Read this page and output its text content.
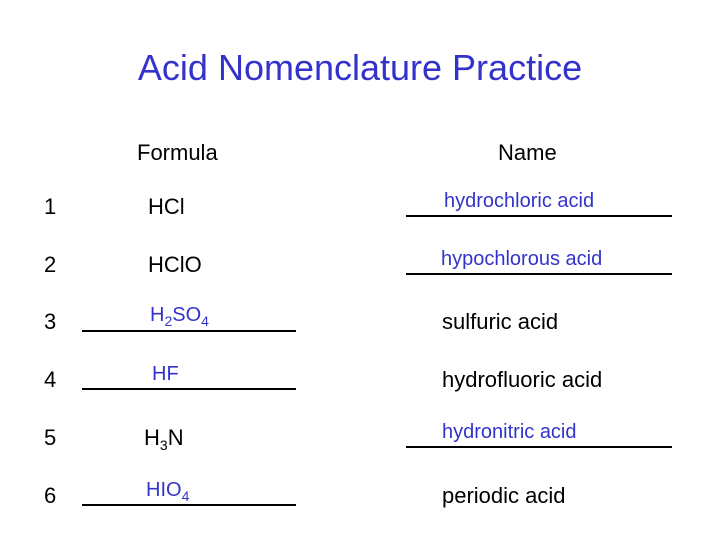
Acid Nomenclature Practice
Formula	Name
1	HCl	hydrochloric acid
2	HClO	hypochlorous acid
3	$H_2SO_4$	sulfuric acid
4	HF	hydrofluoric acid
5	$H_3N$	hydronitric acid
6	$HIO_4$	periodic acid
